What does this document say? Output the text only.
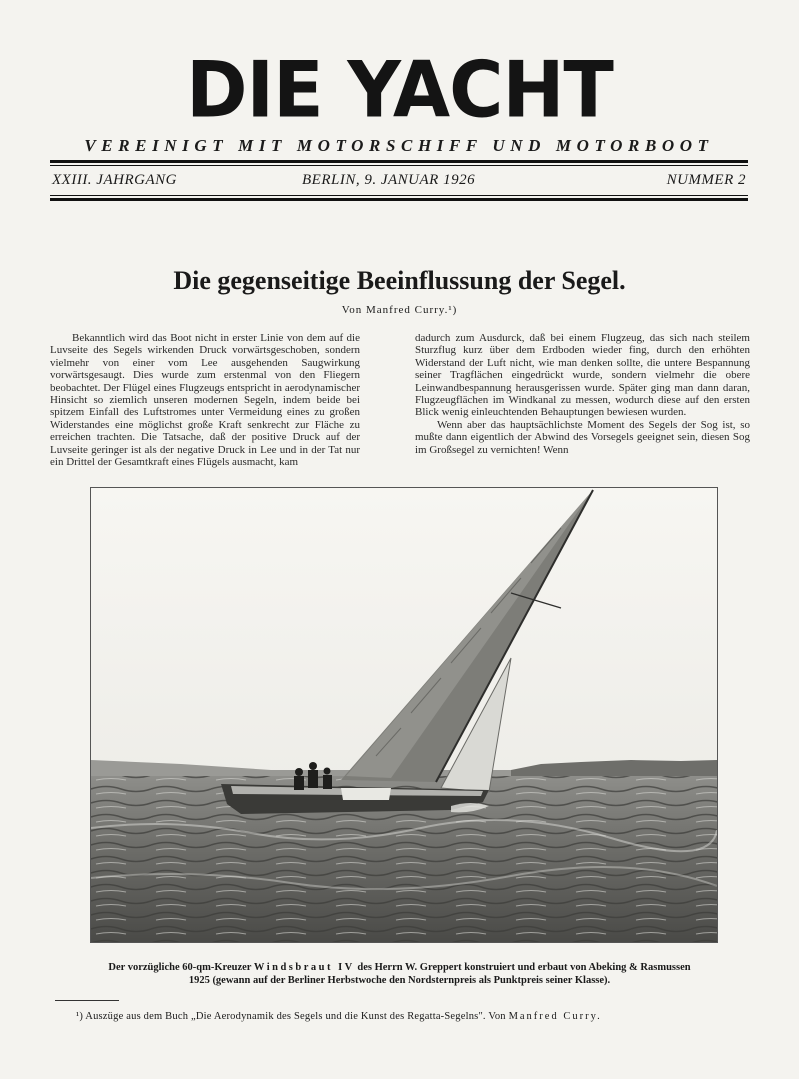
DIE YACHT
VEREINIGT MIT MOTORSCHIFF UND MOTORBOOT
XXIII. JAHRGANG	BERLIN, 9. JANUAR 1926	NUMMER 2
Die gegenseitige Beeinflussung der Segel.
Von Manfred Curry.¹)
Bekanntlich wird das Boot nicht in erster Linie von dem auf die Luvseite des Segels wirkenden Druck vorwärtsgeschoben, sondern vielmehr von einer vom Lee ausgehenden Saugwirkung vorwärtsgesaugt. Dies wurde zum erstenmal von den Fliegern beobachtet. Der Flügel eines Flugzeugs entspricht in aerodynamischer Hinsicht so ziemlich unseren modernen Segeln, indem beide bei spitzem Einfall des Luftstromes unter Vermeidung eines zu großen Widerstandes eine möglichst große Kraft senkrecht zur Fläche zu erreichen trachten. Die Tatsache, daß der positive Druck auf der Luvseite geringer ist als der negative Druck in Lee und in der Tat nur ein Drittel der Gesamtkraft eines Flügels ausmacht, kam

dadurch zum Ausdurck, daß bei einem Flugzeug, das sich nach steilem Sturzflug kurz über dem Erdboden wieder fing, durch den erhöhten Widerstand der Luft nicht, wie man denken sollte, die untere Bespannung seiner Tragflächen eingedrückt wurde, sondern vielmehr die obere Leinwandbespannung herausgerissen wurde. Später ging man dann daran, Flugzeugflächen im Windkanal zu messen, wodurch diese auf den ersten Blick wenig einleuchtenden Behauptungen bewiesen wurden.

Wenn aber das hauptsächlichste Moment des Segels der Sog ist, so mußte dann eigentlich der Abwind des Vorsegels geeignet sein, diesen Sog im Großsegel zu vernichten! Wenn

Der vorzügliche 60-qm-Kreuzer Windsbraut IV des Herrn W. Greppert konstruiert und erbaut von Abeking & Rasmussen
1925 (gewann auf der Berliner Herbstwoche den Nordsternpreis als Punktpreis seiner Klasse).
¹) Auszüge aus dem Buch „Die Aerodynamik des Segels und die Kunst des Regatta-Segelns". Von Manfred Curry.
